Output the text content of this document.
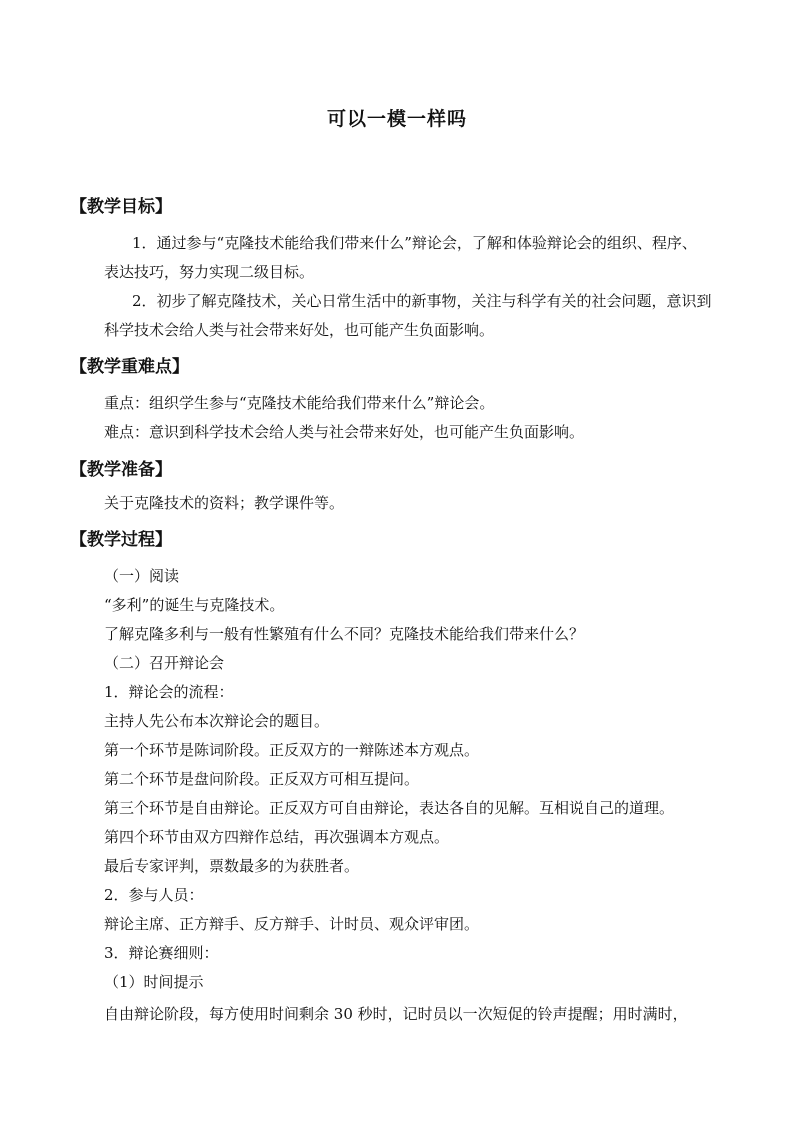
可以一模一样吗
【教学目标】
1．通过参与“克隆技术能给我们带来什么”辩论会，了解和体验辩论会的组织、程序、
表达技巧，努力实现二级目标。
2．初步了解克隆技术，关心日常生活中的新事物，关注与科学有关的社会问题，意识到
科学技术会给人类与社会带来好处，也可能产生负面影响。
【教学重难点】
重点：组织学生参与“克隆技术能给我们带来什么”辩论会。
难点：意识到科学技术会给人类与社会带来好处，也可能产生负面影响。
【教学准备】
关于克隆技术的资料；教学课件等。
【教学过程】
（一）阅读
“多利”的诞生与克隆技术。
了解克隆多利与一般有性繁殖有什么不同？克隆技术能给我们带来什么？
（二）召开辩论会
1．辩论会的流程：
主持人先公布本次辩论会的题目。
第一个环节是陈词阶段。正反双方的一辩陈述本方观点。
第二个环节是盘问阶段。正反双方可相互提问。
第三个环节是自由辩论。正反双方可自由辩论，表达各自的见解。互相说自己的道理。
第四个环节由双方四辩作总结，再次强调本方观点。
最后专家评判，票数最多的为获胜者。
2．参与人员：
辩论主席、正方辩手、反方辩手、计时员、观众评审团。
3．辩论赛细则：
（1）时间提示
自由辩论阶段，每方使用时间剩余 30 秒时，记时员以一次短促的铃声提醒；用时满时，
